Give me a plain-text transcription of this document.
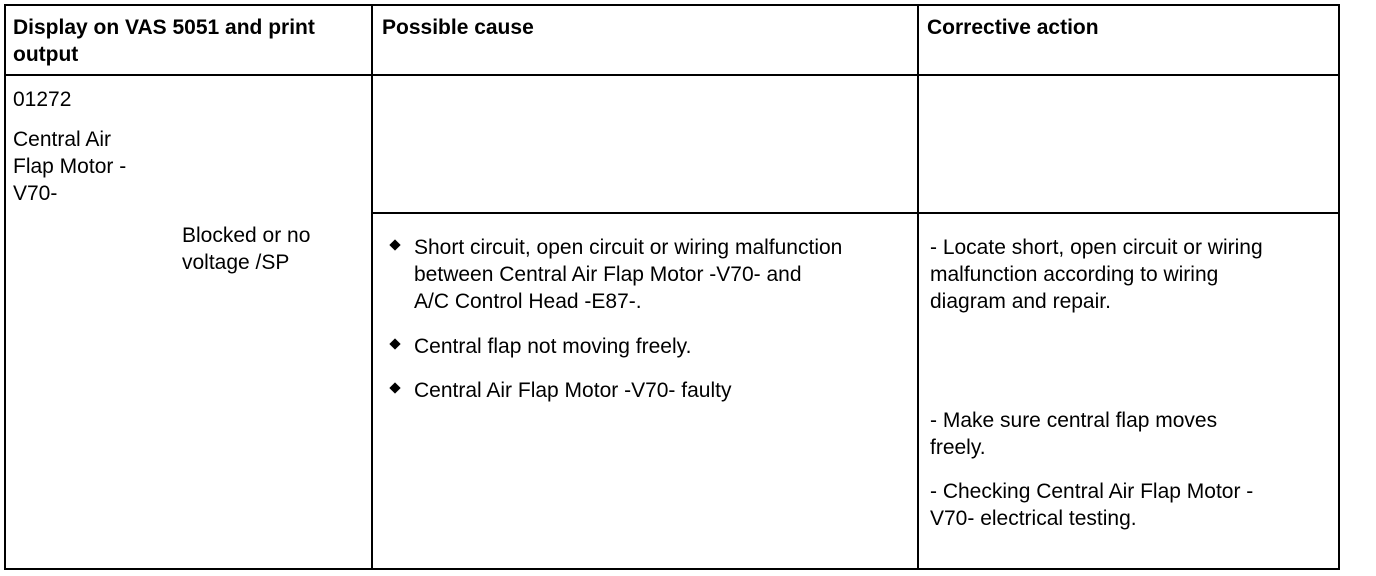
Display on VAS 5051 and print
output
Possible cause	Corrective action
01272
Central Air
Flap Motor -
V70-
Blocked or no
voltage /SP
Short circuit, open circuit or wiring malfunction
between Central Air Flap Motor -V70- and
A/C Control Head -E87-.
Central flap not moving freely.
Central Air Flap Motor -V70- faulty
- Locate short, open circuit or wiring
malfunction according to wiring
diagram and repair.
- Make sure central flap moves
freely.
- Checking Central Air Flap Motor -
V70- electrical testing.
